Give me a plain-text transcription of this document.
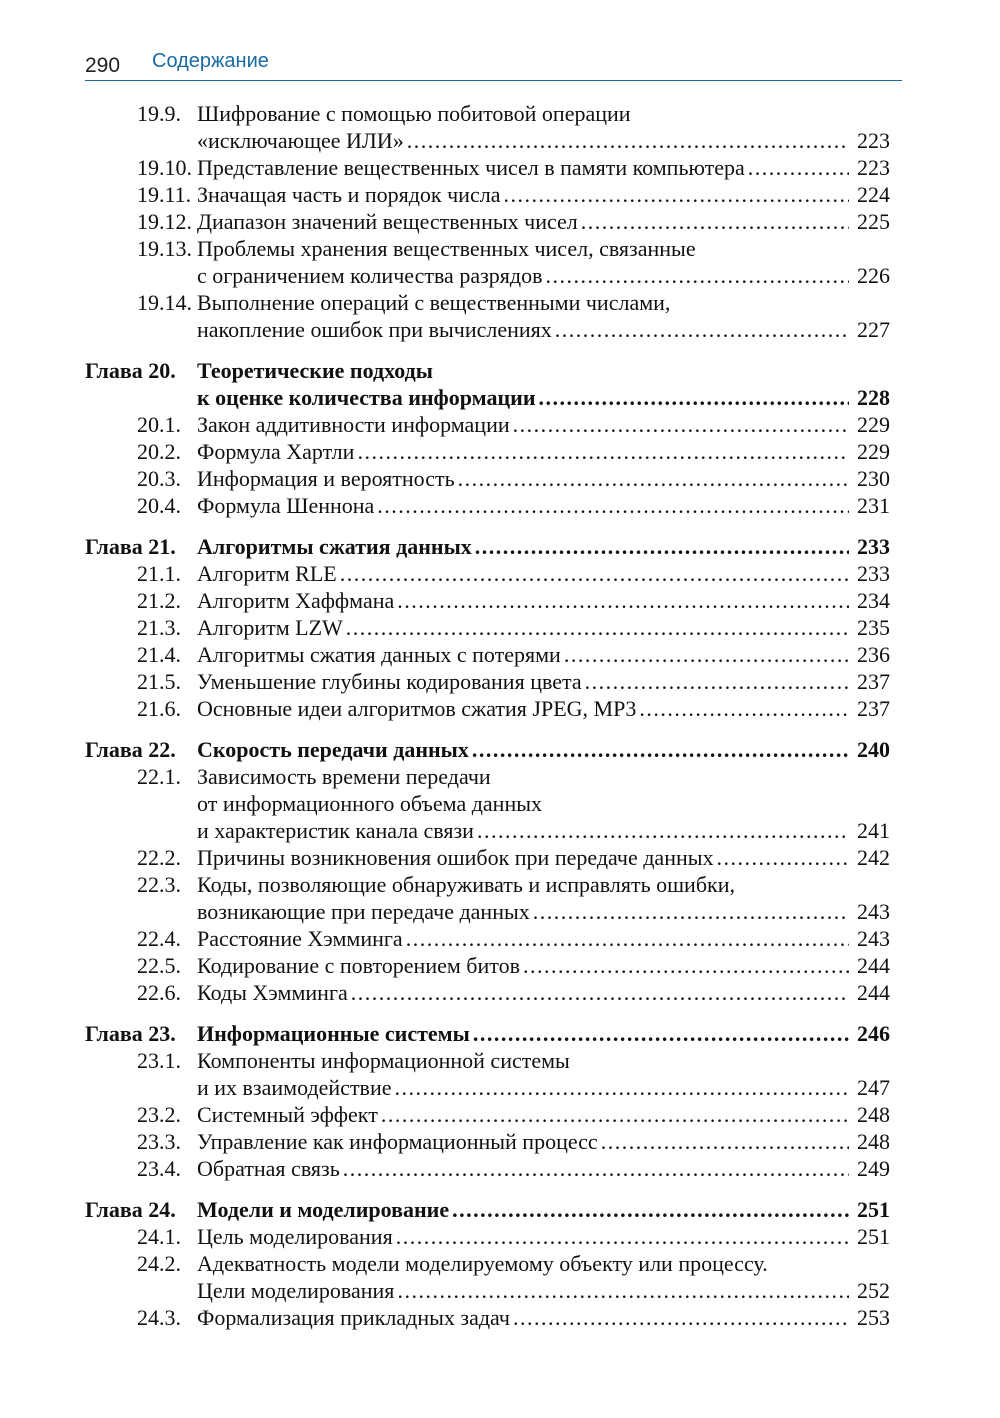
290 Содержание
19.9. Шифрование с помощью побитовой операции
«исключающее ИЛИ» . . .	223
19.10. Представление вещественных чисел в памяти компьютера . . .	223
19.11. Значащая часть и порядок числа . . .	224
19.12. Диапазон значений вещественных чисел . . .	225
19.13. Проблемы хранения вещественных чисел, связанные
с ограничением количества разрядов . . .	226
19.14. Выполнение операций с вещественными числами,
накопление ошибок при вычислениях . . .	227
Глава 20. Теоретические подходы
к оценке количества информации . . .	228
20.1. Закон аддитивности информации . . .	229
20.2. Формула Хартли . . .	229
20.3. Информация и вероятность . . .	230
20.4. Формула Шеннона . . .	231
Глава 21. Алгоритмы сжатия данных . . .	233
21.1. Алгоритм RLE . . .	233
21.2. Алгоритм Хаффмана . . .	234
21.3. Алгоритм LZW . . .	235
21.4. Алгоритмы сжатия данных с потерями . . .	236
21.5. Уменьшение глубины кодирования цвета . . .	237
21.6. Основные идеи алгоритмов сжатия JPEG, MP3 . . .	237
Глава 22. Скорость передачи данных . . .	240
22.1. Зависимость времени передачи
от информационного объема данных
и характеристик канала связи . . .	241
22.2. Причины возникновения ошибок при передаче данных . . .	242
22.3. Коды, позволяющие обнаруживать и исправлять ошибки,
возникающие при передаче данных . . .	243
22.4. Расстояние Хэмминга . . .	243
22.5. Кодирование с повторением битов . . .	244
22.6. Коды Хэмминга . . .	244
Глава 23. Информационные системы . . .	246
23.1. Компоненты информационной системы
и их взаимодействие . . .	247
23.2. Системный эффект . . .	248
23.3. Управление как информационный процесс . . .	248
23.4. Обратная связь . . .	249
Глава 24. Модели и моделирование . . .	251
24.1. Цель моделирования . . .	251
24.2. Адекватность модели моделируемому объекту или процессу.
Цели моделирования . . .	252
24.3. Формализация прикладных задач . . .	253
